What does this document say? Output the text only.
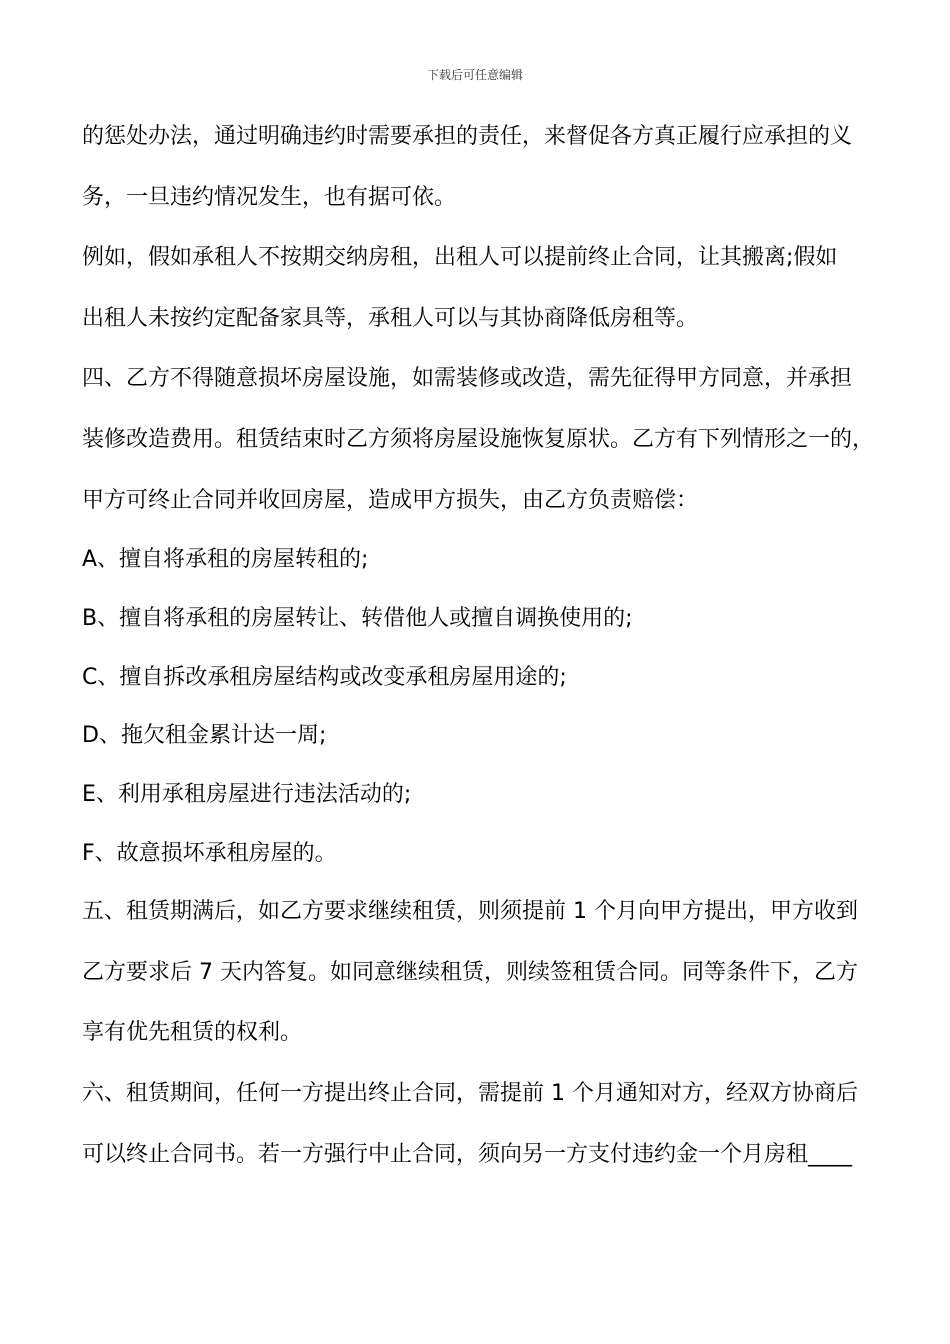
下载后可任意编辑
的惩处办法，通过明确违约时需要承担的责任，来督促各方真正履行应承担的义
务，一旦违约情况发生，也有据可依。
例如，假如承租人不按期交纳房租，出租人可以提前终止合同，让其搬离;假如
出租人未按约定配备家具等，承租人可以与其协商降低房租等。
四、乙方不得随意损坏房屋设施，如需装修或改造，需先征得甲方同意，并承担
装修改造费用。租赁结束时乙方须将房屋设施恢复原状。乙方有下列情形之一的，
甲方可终止合同并收回房屋，造成甲方损失，由乙方负责赔偿：
A、擅自将承租的房屋转租的;
B、擅自将承租的房屋转让、转借他人或擅自调换使用的;
C、擅自拆改承租房屋结构或改变承租房屋用途的;
D、拖欠租金累计达一周;
E、利用承租房屋进行违法活动的;
F、故意损坏承租房屋的。
五、租赁期满后，如乙方要求继续租赁，则须提前 1 个月向甲方提出，甲方收到
乙方要求后 7 天内答复。如同意继续租赁，则续签租赁合同。同等条件下，乙方
享有优先租赁的权利。
六、租赁期间，任何一方提出终止合同，需提前 1 个月通知对方，经双方协商后
可以终止合同书。若一方强行中止合同，须向另一方支付违约金一个月房租____
